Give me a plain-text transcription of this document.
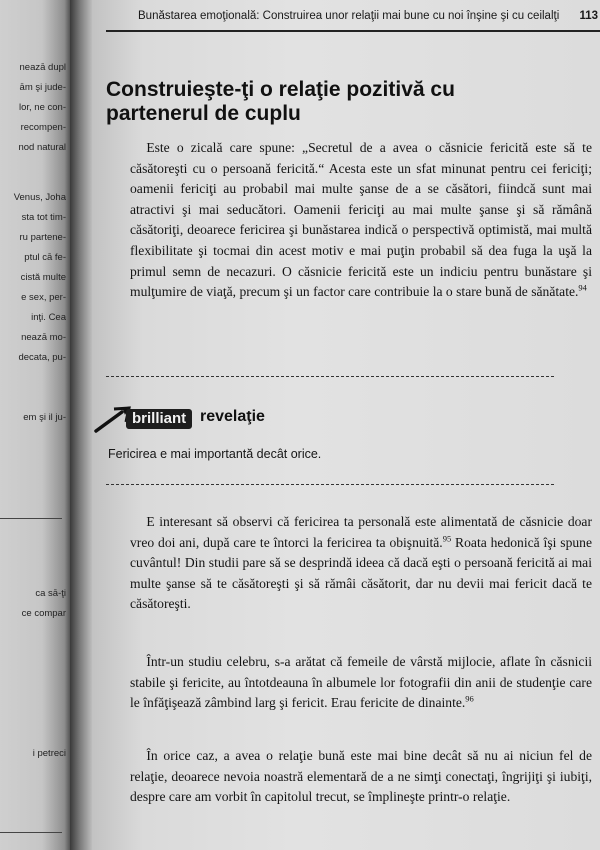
neazā dupl
ām şi jude-
lor, ne con-
recompen-
nod natural
Venus, Joha
sta tot tim-
ru partene-
ptul cā fe-
cistă multe
e sex, per-
inţi. Cea
neazā mo-
decata, pu-
em şi il ju-
ca sā-ţi
ce compar
i petreci
Bunăstarea emoţională: Construirea unor relaţii mai bune cu noi înşine şi cu ceilalţi 113
Construieşte-ţi o relaţie pozitivă cu partenerul de cuplu

Este o zicală care spune: „Secretul de a avea o căsnicie fericită este să te căsătoreşti cu o persoană fericită.“ Acesta este un sfat minunat pentru cei fericiţi; oamenii fericiţi au probabil mai multe şanse de a se căsători, fiindcă sunt mai atractivi şi mai seducători. Oamenii fericiţi au mai multe şanse şi să rămână căsătoriţi, deoarece fericirea şi bunăstarea indică o perspectivă optimistă, mai multă flexibilitate şi tocmai din acest motiv e mai puţin probabil să dea fuga la uşă la primul semn de necazuri. O căsnicie fericită este un indiciu pentru bunăstare şi mulţumire de viaţă, precum şi un factor care contribuie la o stare bună de sănătate.$^{94}$

brilliant revelaţie

Fericirea e mai importantă decât orice.

E interesant să observi că fericirea ta personală este alimentată de căsnicie doar vreo doi ani, după care te întorci la fericirea ta obişnuită.$^{95}$ Roata hedonică îşi spune cuvântul! Din studii pare să se desprindă ideea că dacă eşti o persoană fericită ai mai multe şanse să te căsătoreşti şi să rămâi căsătorit, dar nu devii mai fericit dacă te căsătoreşti.

Într-un studiu celebru, s-a arătat că femeile de vârstă mijlocie, aflate în căsnicii stabile şi fericite, au întotdeauna în albumele lor fotografii din anii de studenţie care le înfăţişează zâmbind larg şi fericit. Erau fericite de dinainte.$^{96}$

În orice caz, a avea o relaţie bună este mai bine decât să nu ai niciun fel de relaţie, deoarece nevoia noastră elementară de a ne simţi conectaţi, îngrijiţi şi iubiţi, despre care am vorbit în capitolul trecut, se împlineşte printr-o relaţie.
